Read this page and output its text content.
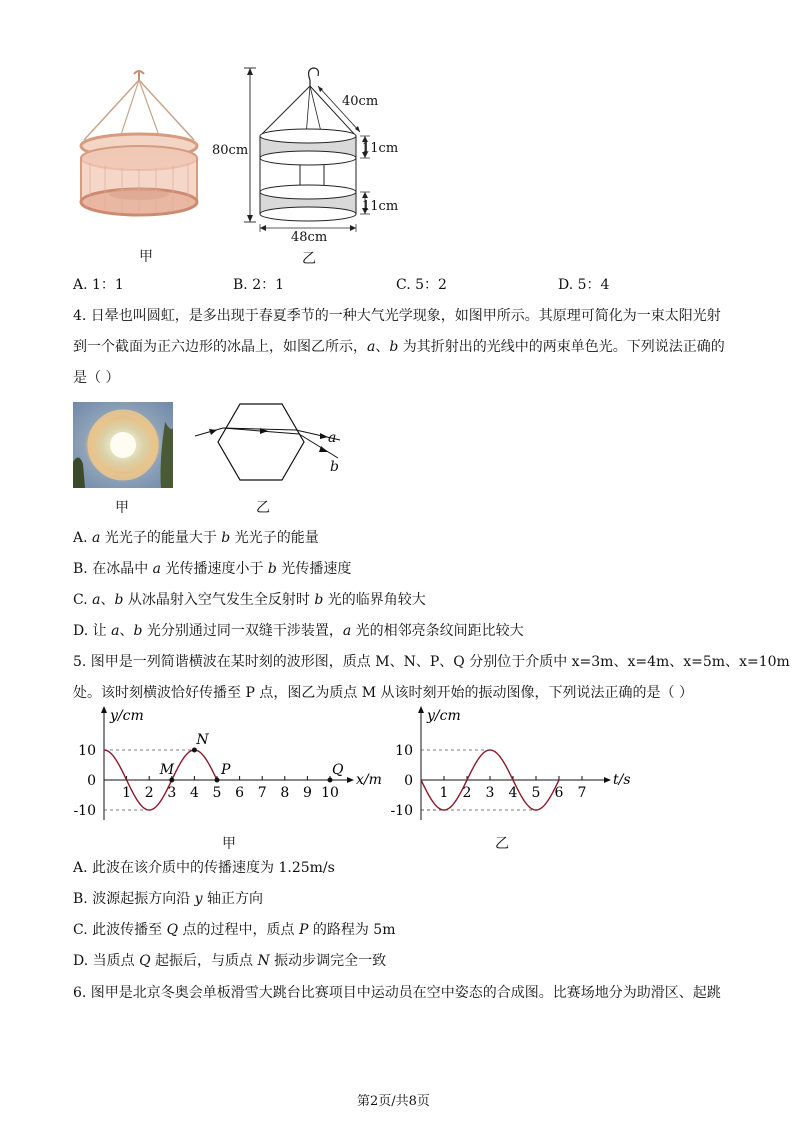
甲
40cm
80cm	11cm
11cm
48cm
乙
A. 1：1	B. 2：1	C. 5：2	D. 5：4
4. 日晕也叫圆虹，是多出现于春夏季节的一种大气光学现象，如图甲所示。其原理可简化为一束太阳光射
到一个截面为正六边形的冰晶上，如图乙所示，a、b 为其折射出的光线中的两束单色光。下列说法正确的
是（ ）
甲
a
b
乙
A. a 光光子的能量大于 b 光光子的能量
B. 在冰晶中 a 光传播速度小于 b 光传播速度
C. a、b 从冰晶射入空气发生全反射时 b 光的临界角较大
D. 让 a、b 光分别通过同一双缝干涉装置，a 光的相邻亮条纹间距比较大
5. 图甲是一列简谐横波在某时刻的波形图，质点 M、N、P、Q 分别位于介质中 x=3m、x=4m、x=5m、x=10m
处。该时刻横波恰好传播至 P 点，图乙为质点 M 从该时刻开始的振动图像，下列说法正确的是（ ）
y/cm
x/m
10
0
-10
1 2 3 4 5 6 7 8 9 10
M
N
P	Q
甲
y/cm
t/s
10
0
-10
1 2 3 4 5 6 7
乙
A. 此波在该介质中的传播速度为 1.25m/s
B. 波源起振方向沿 y 轴正方向
C. 此波传播至 Q 点的过程中，质点 P 的路程为 5m
D. 当质点 Q 起振后，与质点 N 振动步调完全一致
6. 图甲是北京冬奥会单板滑雪大跳台比赛项目中运动员在空中姿态的合成图。比赛场地分为助滑区、起跳
第2页/共8页
